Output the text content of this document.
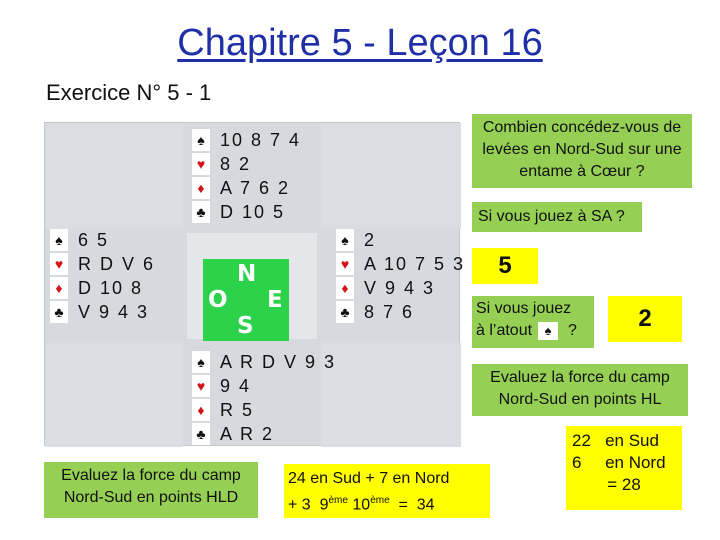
Chapitre 5 - Leçon 16
Exercice N° 5 - 1
♠ 10 8 7 4
♥ 8 2
♦ A 7 6 2
♣ D 10 5
♠ 6 5
♥ R D V 6
♦ D 10 8
♣ V 9 4 3
♠ 2
♥ A 10 7 5 3
♦ V 9 4 3
♣ 8 7 6
♠ A R D V 9 3
♥ 9 4
♦ R 5
♣ A R 2
N
O E
S
Combien concédez-vous de levées en Nord-Sud sur une entame à Cœur ?
Si vous jouez à SA ?
5
Si vous jouez
à l’atout ♠	?	2
Evaluez la force du camp Nord-Sud en points HL
22   en Sud
6     en Nord
= 28
Evaluez la force du camp Nord-Sud en points HLD
24 en Sud + 7 en Nord
+ 3  9ème 10ème  =  34
